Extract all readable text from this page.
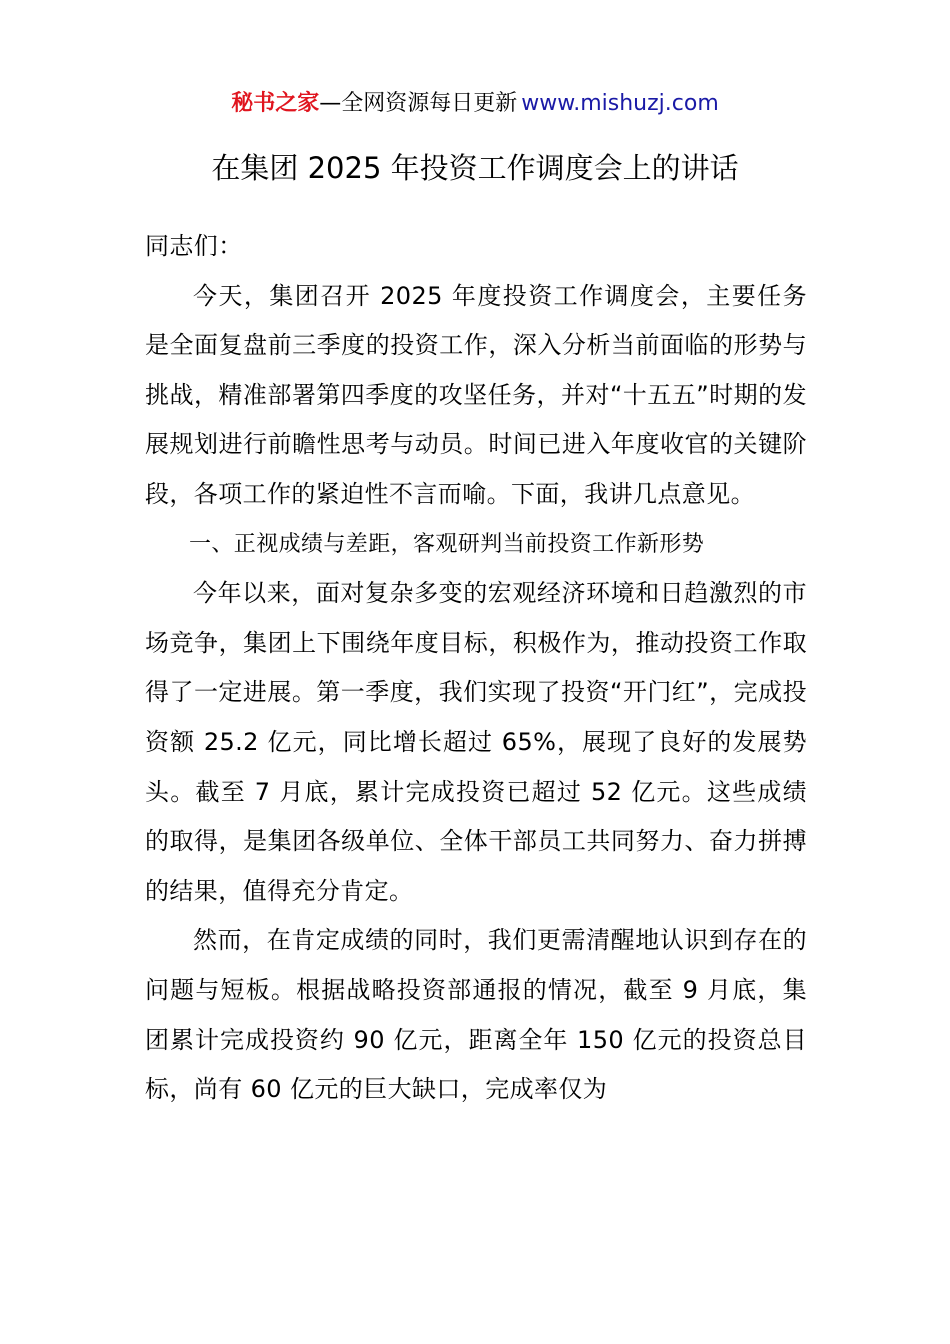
秘书之家—全网资源每日更新 www.mishuzj.com
在集团 2025 年投资工作调度会上的讲话

同志们：

今天，集团召开 2025 年度投资工作调度会，主要任务是全面复盘前三季度的投资工作，深入分析当前面临的形势与挑战，精准部署第四季度的攻坚任务，并对“十五五”时期的发展规划进行前瞻性思考与动员。时间已进入年度收官的关键阶段，各项工作的紧迫性不言而喻。下面，我讲几点意见。

一、正视成绩与差距，客观研判当前投资工作新形势

今年以来，面对复杂多变的宏观经济环境和日趋激烈的市场竞争，集团上下围绕年度目标，积极作为，推动投资工作取得了一定进展。第一季度，我们实现了投资“开门红”，完成投资额 25.2 亿元，同比增长超过 65%，展现了良好的发展势头。截至 7 月底，累计完成投资已超过 52 亿元。这些成绩的取得，是集团各级单位、全体干部员工共同努力、奋力拼搏的结果，值得充分肯定。

然而，在肯定成绩的同时，我们更需清醒地认识到存在的问题与短板。根据战略投资部通报的情况，截至 9 月底，集团累计完成投资约 90 亿元，距离全年 150 亿元的投资总目标，尚有 60 亿元的巨大缺口，完成率仅为
